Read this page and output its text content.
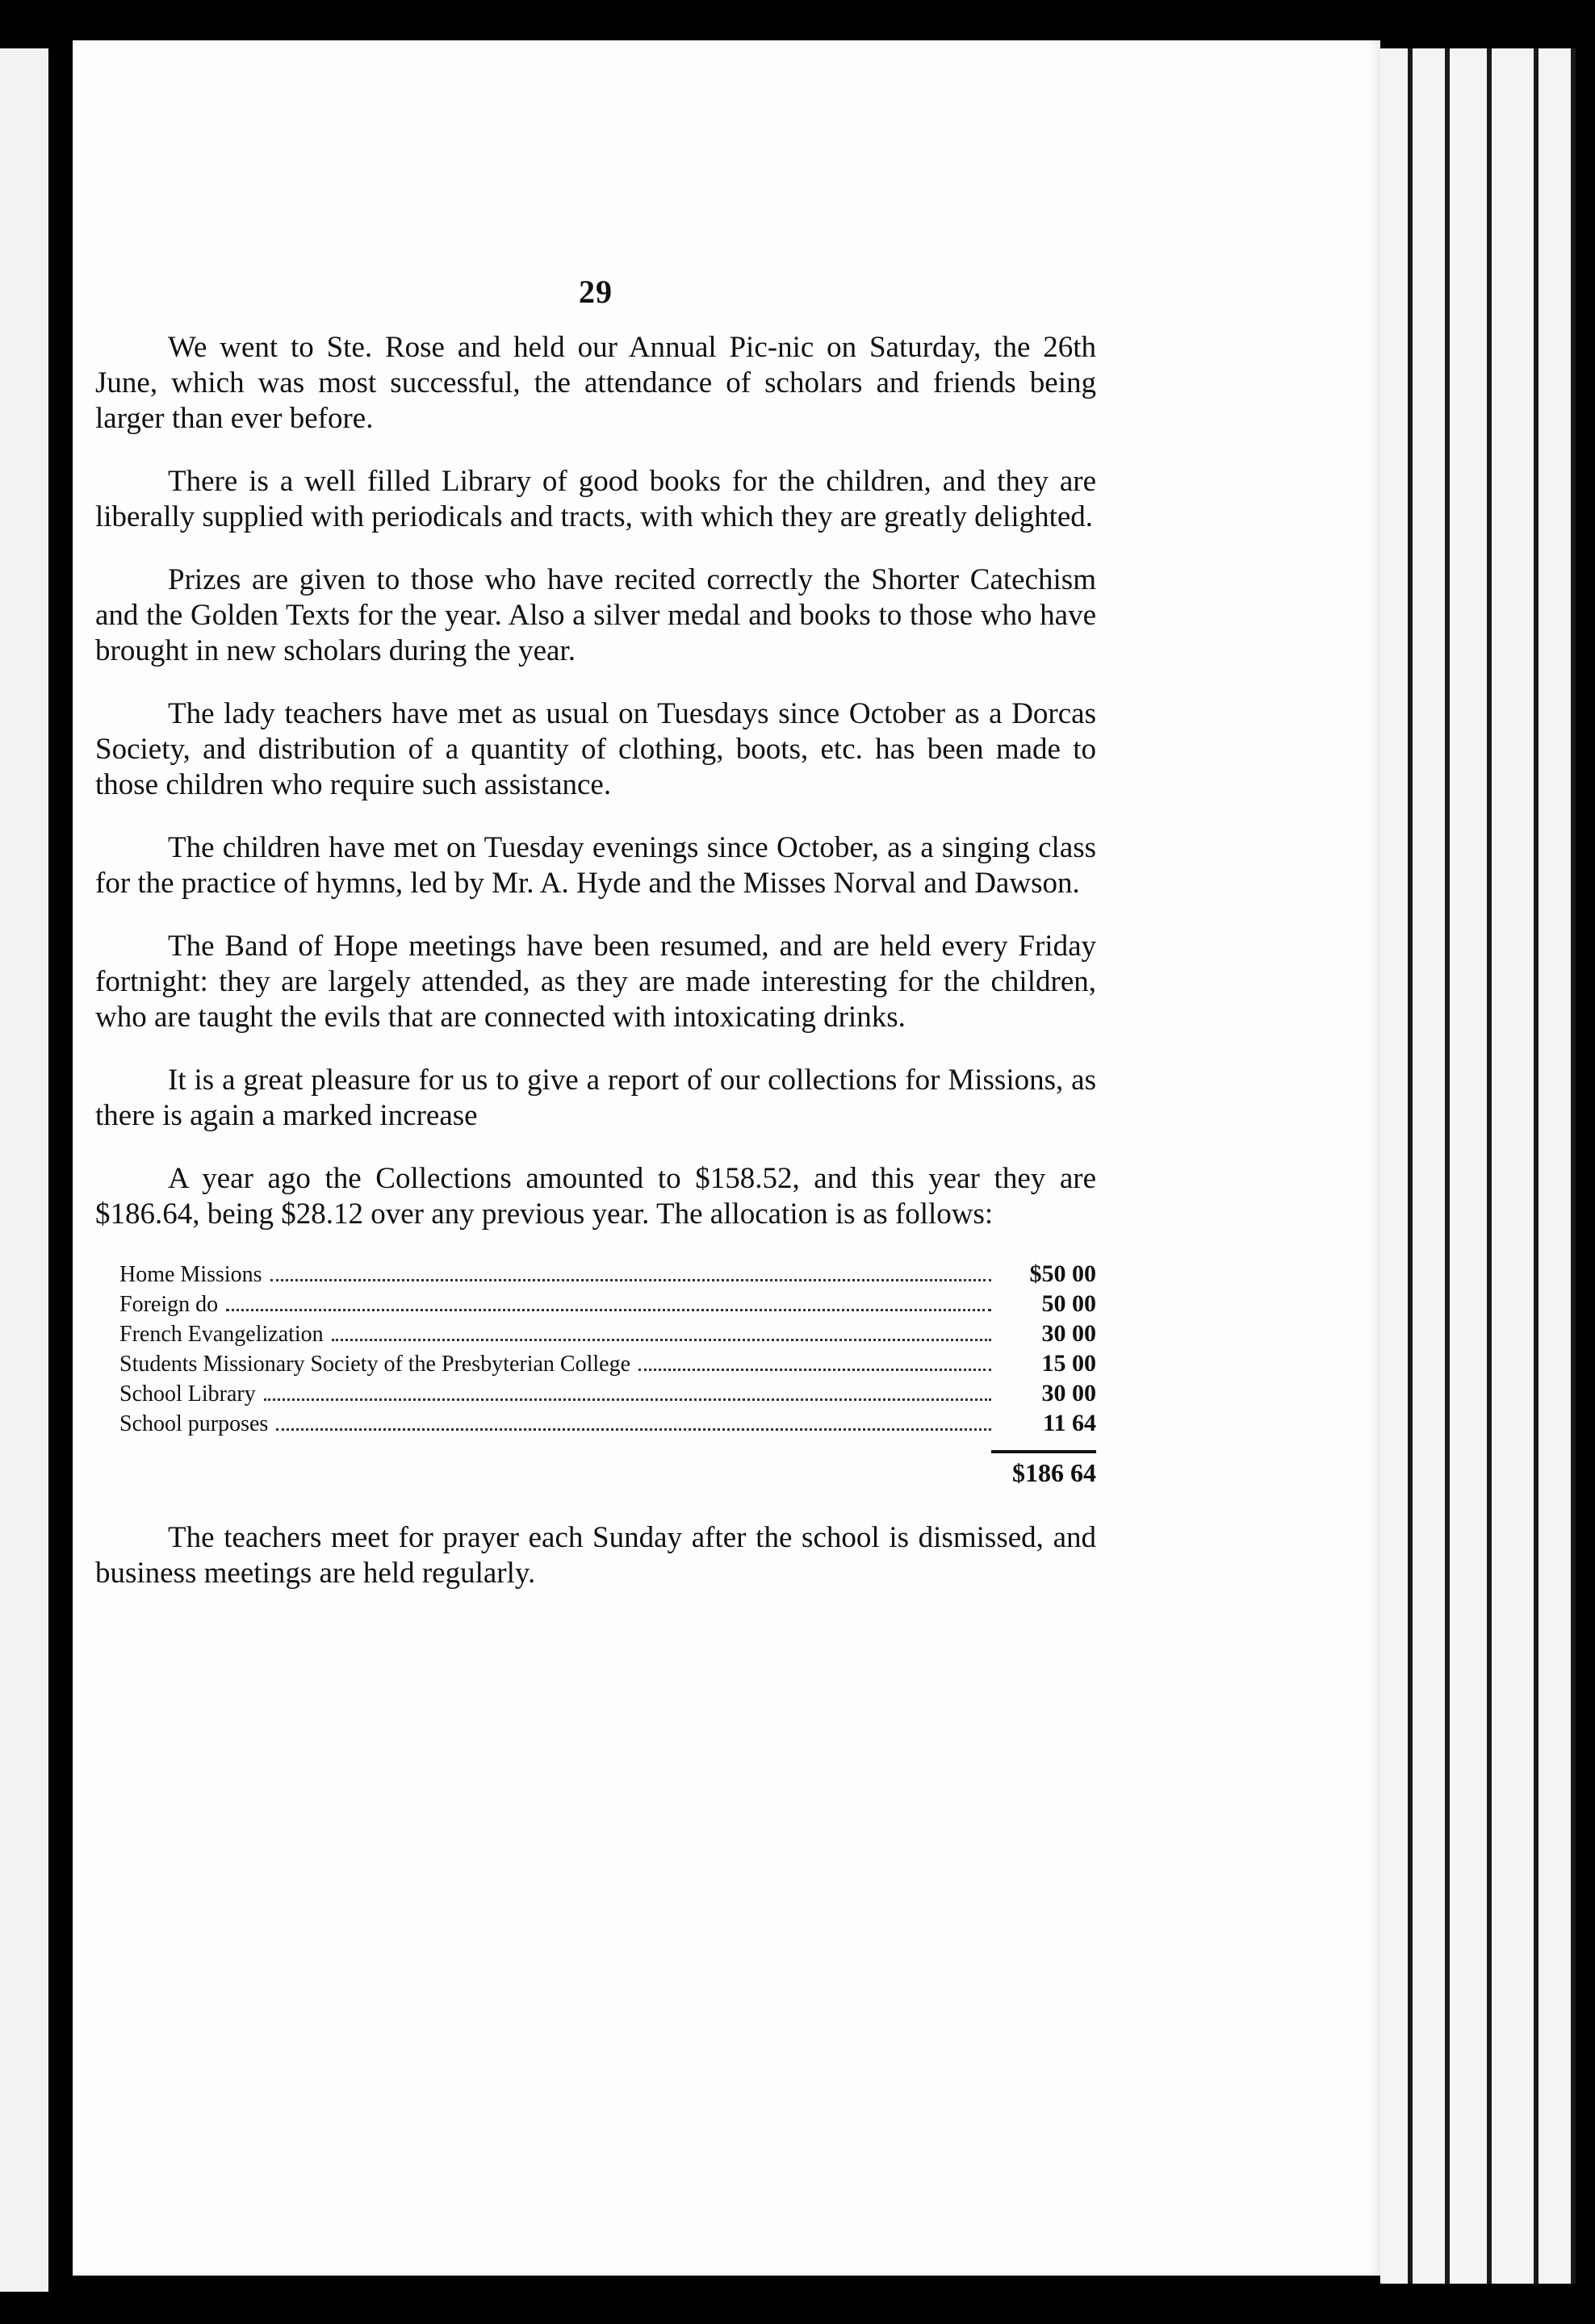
29

We went to Ste. Rose and held our Annual Pic-nic on Saturday, the 26th June, which was most successful, the attendance of scholars and friends being larger than ever before.

There is a well filled Library of good books for the children, and they are liberally supplied with periodicals and tracts, with which they are greatly delighted.

Prizes are given to those who have recited correctly the Shorter Catechism and the Golden Texts for the year. Also a silver medal and books to those who have brought in new scholars during the year.

The lady teachers have met as usual on Tuesdays since October as a Dorcas Society, and distribution of a quantity of clothing, boots, etc. has been made to those children who require such assistance.

The children have met on Tuesday evenings since October, as a singing class for the practice of hymns, led by Mr. A. Hyde and the Misses Norval and Dawson.

The Band of Hope meetings have been resumed, and are held every Friday fortnight: they are largely attended, as they are made interesting for the children, who are taught the evils that are connected with intoxicating drinks.

It is a great pleasure for us to give a report of our collections for Missions, as there is again a marked increase

A year ago the Collections amounted to $158.52, and this year they are $186.64, being $28.12 over any previous year. The allocation is as follows:

Home Missions	$50 00
Foreign do	50 00
French Evangelization	30 00
Students Missionary Society of the Presbyterian College	15 00
School Library	30 00
School purposes	11 64
$186 64

The teachers meet for prayer each Sunday after the school is dismissed, and business meetings are held regularly.
